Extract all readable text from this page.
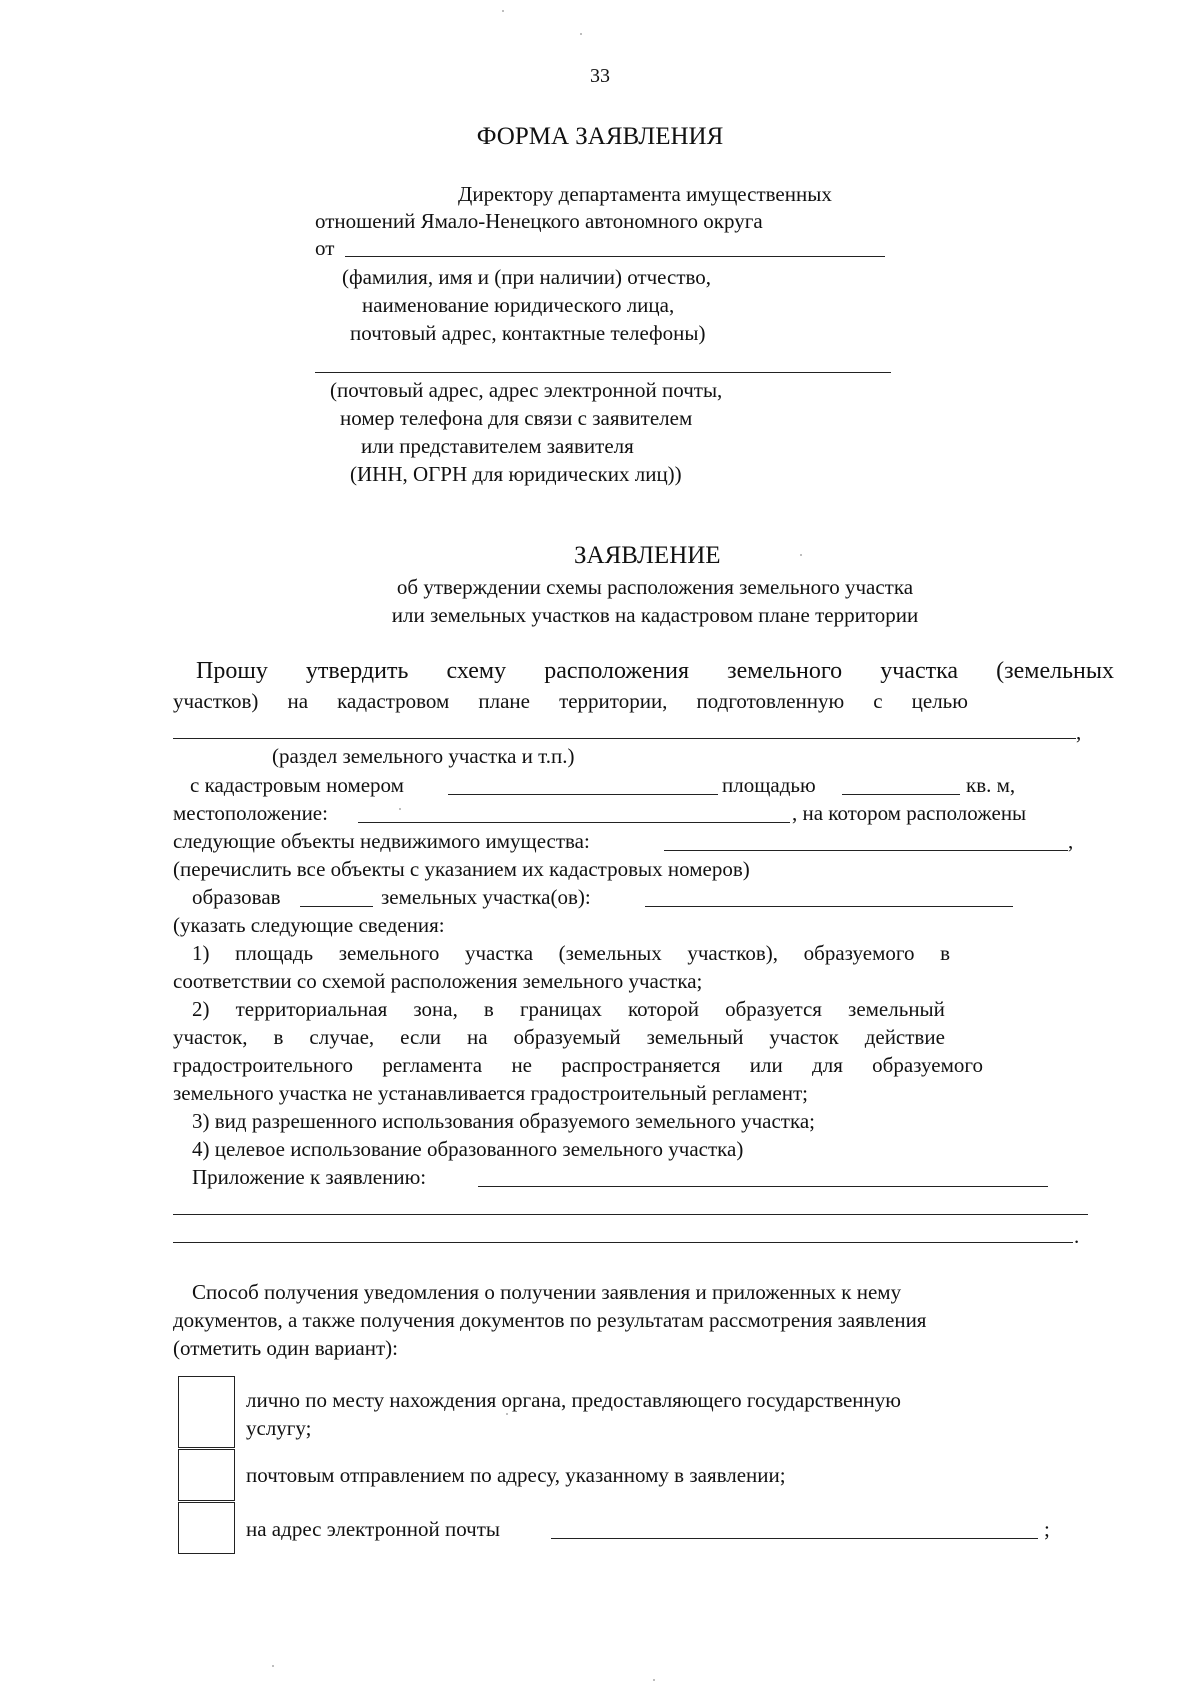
33
ФОРМА ЗАЯВЛЕНИЯ
Директору департамента имущественных
отношений Ямало-Ненецкого автономного округа
от
(фамилия, имя и (при наличии) отчество,
наименование юридического лица,
почтовый адрес, контактные телефоны)
(почтовый адрес, адрес электронной почты,
номер телефона для связи с заявителем
или представителем заявителя
(ИНН, ОГРН для юридических лиц))
ЗАЯВЛЕНИЕ
об утверждении схемы расположения земельного участка
или земельных участков на кадастровом плане территории
Прошу утвердить схему расположения земельного участка (земельных
участков) на кадастровом плане территории, подготовленную с целью
,
(раздел земельного участка и т.п.)
с кадастровым номером	площадью	кв. м,
местоположение:	, на котором расположены
следующие объекты недвижимого имущества:	,
(перечислить все объекты с указанием их кадастровых номеров)
образовав	земельных участка(ов):
(указать следующие сведения:
1) площадь земельного участка (земельных участков), образуемого в
соответствии со схемой расположения земельного участка;
2) территориальная зона, в границах которой образуется земельный
участок, в случае, если на образуемый земельный участок действие
градостроительного регламента не распространяется или для образуемого
земельного участка не устанавливается градостроительный регламент;
3) вид разрешенного использования образуемого земельного участка;
4) целевое использование образованного земельного участка)
Приложение к заявлению:
.
Способ получения уведомления о получении заявления и приложенных к нему
документов, а также получения документов по результатам рассмотрения заявления
(отметить один вариант):
лично по месту нахождения органа, предоставляющего государственную
услугу;
почтовым отправлением по адресу, указанному в заявлении;
на адрес электронной почты	;
